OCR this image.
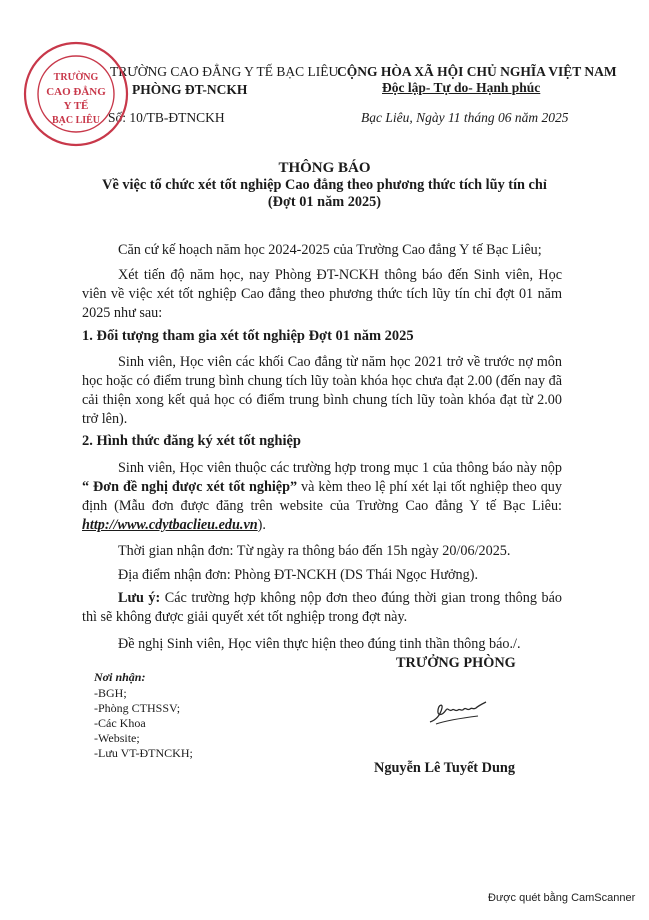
TRƯỜNG CAO ĐẲNG Y TẾ BẠC LIÊU
PHÒNG ĐT-NCKH
Số: 10/TB-ĐTNCKH
TRƯỜNG
CAO ĐẲNG
Y TẾ
BẠC LIÊU
CỘNG HÒA XÃ HỘI CHỦ NGHĨA VIỆT NAM
Độc lập- Tự do- Hạnh phúc
Bạc Liêu, Ngày 11 tháng 06 năm 2025
THÔNG BÁO
Về việc tổ chức xét tốt nghiệp Cao đẳng theo phương thức tích lũy tín chỉ
(Đợt 01 năm 2025)
Căn cứ kế hoạch năm học 2024-2025 của Trường Cao đẳng Y tế Bạc Liêu;
Xét tiến độ năm học, nay Phòng ĐT-NCKH thông báo đến Sinh viên, Học viên về việc xét tốt nghiệp Cao đẳng theo phương thức tích lũy tín chỉ đợt 01 năm 2025 như sau:
1. Đối tượng tham gia xét tốt nghiệp Đợt 01 năm 2025
Sinh viên, Học viên các khối Cao đẳng từ năm học 2021 trở về trước nợ môn học hoặc có điểm trung bình chung tích lũy toàn khóa học chưa đạt 2.00 (đến nay đã cải thiện xong kết quả học có điểm trung bình chung tích lũy toàn khóa đạt từ 2.00 trở lên).
2. Hình thức đăng ký xét tốt nghiệp
Sinh viên, Học viên thuộc các trường hợp trong mục 1 của thông báo này nộp “ Đơn đề nghị được xét tốt nghiệp” và kèm theo lệ phí xét lại tốt nghiệp theo quy định (Mẫu đơn được đăng trên website của Trường Cao đẳng Y tế Bạc Liêu: http://www.cdytbaclieu.edu.vn).
Thời gian nhận đơn: Từ ngày ra thông báo đến 15h ngày 20/06/2025.
Địa điểm nhận đơn: Phòng ĐT-NCKH (DS Thái Ngọc Hưởng).
Lưu ý: Các trường hợp không nộp đơn theo đúng thời gian trong thông báo thì sẽ không được giải quyết xét tốt nghiệp trong đợt này.
Đề nghị Sinh viên, Học viên thực hiện theo đúng tinh thần thông báo./.
TRƯỞNG PHÒNG
Nguyễn Lê Tuyết Dung
Nơi nhận:
-BGH;
-Phòng CTHSSV;
-Các Khoa
-Website;
-Lưu VT-ĐTNCKH;
Được quét bằng CamScanner
